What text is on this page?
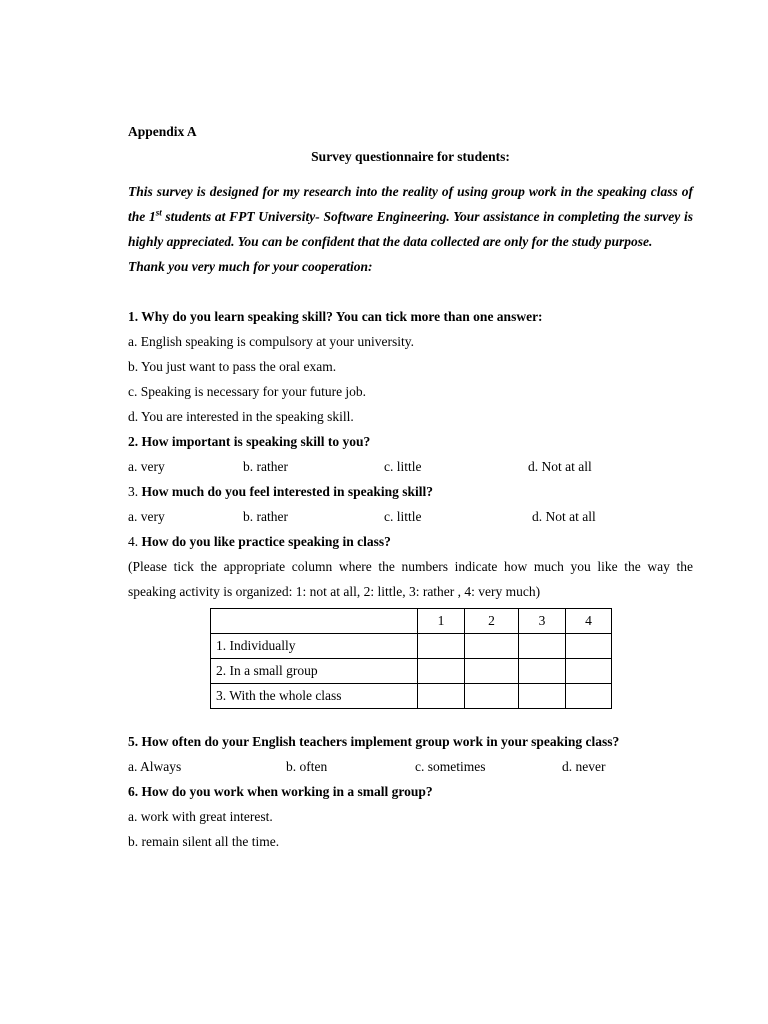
Appendix A
Survey questionnaire for students:

This survey is designed for my research into the reality of using group work in the speaking class of the 1st students at FPT University- Software Engineering. Your assistance in completing the survey is highly appreciated. You can be confident that the data collected are only for the study purpose.

Thank you very much for your cooperation:
1. Why do you learn speaking skill? You can tick more than one answer:
a. English speaking is compulsory at your university.
b. You just want to pass the oral exam.
c. Speaking is necessary for your future job.
d. You are interested in the speaking skill.
2. How important is speaking skill to you?
a. very	b. rather	c. little	d. Not at all
3. How much do you feel interested in speaking skill?
a. very	b. rather	c. little	d. Not at all
4. How do you like practice speaking in class?

(Please tick the appropriate column where the numbers indicate how much you like the way the speaking activity is organized: 1: not at all, 2: little, 3: rather , 4: very much)

	1	2	3	4
1. Individually				
2. In a small group				
3. With the whole class				
5. How often do your English teachers implement group work in your speaking class?
a. Always	b. often	c. sometimes	d. never
6. How do you work when working in a small group?
a. work with great interest.
b. remain silent all the time.
